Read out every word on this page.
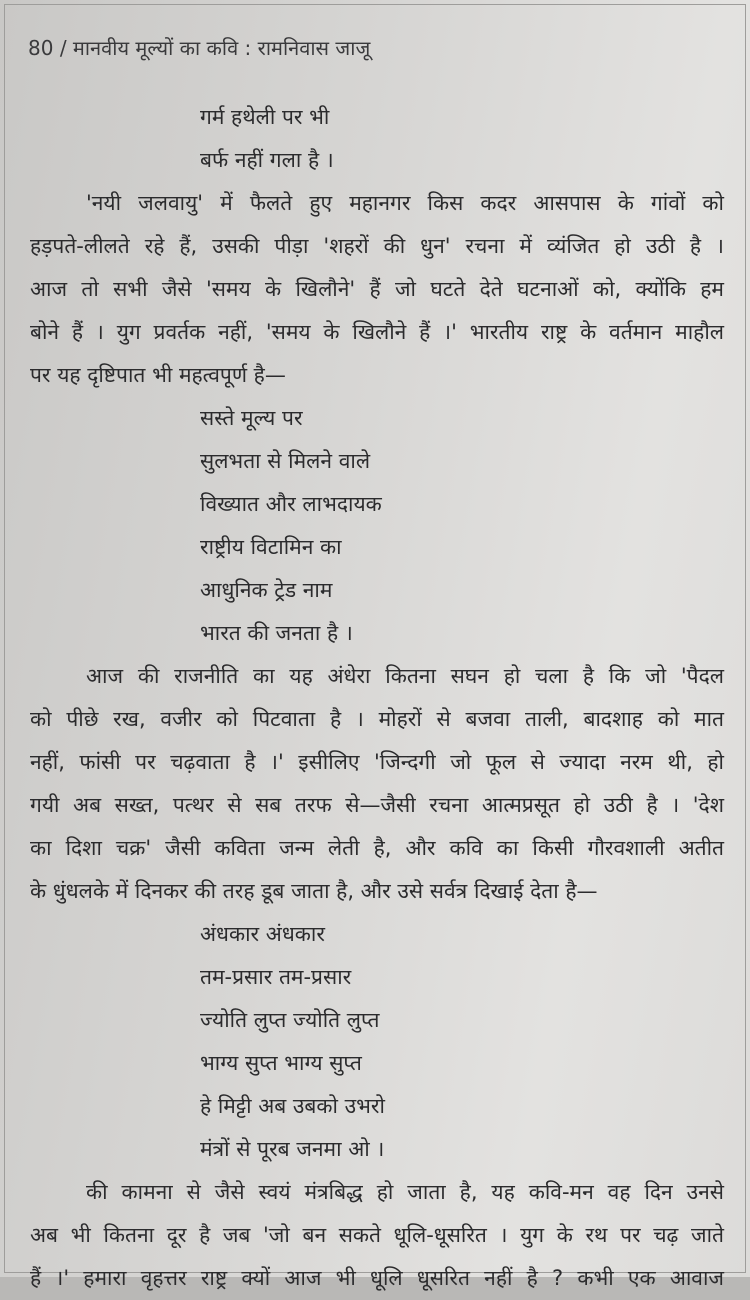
80 / मानवीय मूल्यों का कवि : रामनिवास जाजू
गर्म हथेली पर भी
बर्फ नहीं गला है ।
'नयी जलवायु' में फैलते हुए महानगर किस कदर आसपास के गांवों को
हड़पते-लीलते रहे हैं, उसकी पीड़ा 'शहरों की धुन' रचना में व्यंजित हो उठी है ।
आज तो सभी जैसे 'समय के खिलौने' हैं जो घटते देते घटनाओं को, क्योंकि हम
बोने हैं । युग प्रवर्तक नहीं, 'समय के खिलौने हैं ।' भारतीय राष्ट्र के वर्तमान माहौल
पर यह दृष्टिपात भी महत्वपूर्ण है—
सस्ते मूल्य पर
सुलभता से मिलने वाले
विख्यात और लाभदायक
राष्ट्रीय विटामिन का
आधुनिक ट्रेड नाम
भारत की जनता है ।
आज की राजनीति का यह अंधेरा कितना सघन हो चला है कि जो 'पैदल
को पीछे रख, वजीर को पिटवाता है । मोहरों से बजवा ताली, बादशाह को मात
नहीं, फांसी पर चढ़वाता है ।' इसीलिए 'जिन्दगी जो फूल से ज्यादा नरम थी, हो
गयी अब सख्त, पत्थर से सब तरफ से—जैसी रचना आत्मप्रसूत हो उठी है । 'देश
का दिशा चक्र' जैसी कविता जन्म लेती है, और कवि का किसी गौरवशाली अतीत
के धुंधलके में दिनकर की तरह डूब जाता है, और उसे सर्वत्र दिखाई देता है—
अंधकार अंधकार
तम-प्रसार तम-प्रसार
ज्योति लुप्त ज्योति लुप्त
भाग्य सुप्त भाग्य सुप्त
हे मिट्टी अब उबको उभरो
मंत्रों से पूरब जनमा ओ ।
की कामना से जैसे स्वयं मंत्रबिद्ध हो जाता है, यह कवि-मन वह दिन उनसे
अब भी कितना दूर है जब 'जो बन सकते धूलि-धूसरित । युग के रथ पर चढ़ जाते
हैं ।' हमारा वृहत्तर राष्ट्र क्यों आज भी धूलि धूसरित नहीं है ? कभी एक आवाज
